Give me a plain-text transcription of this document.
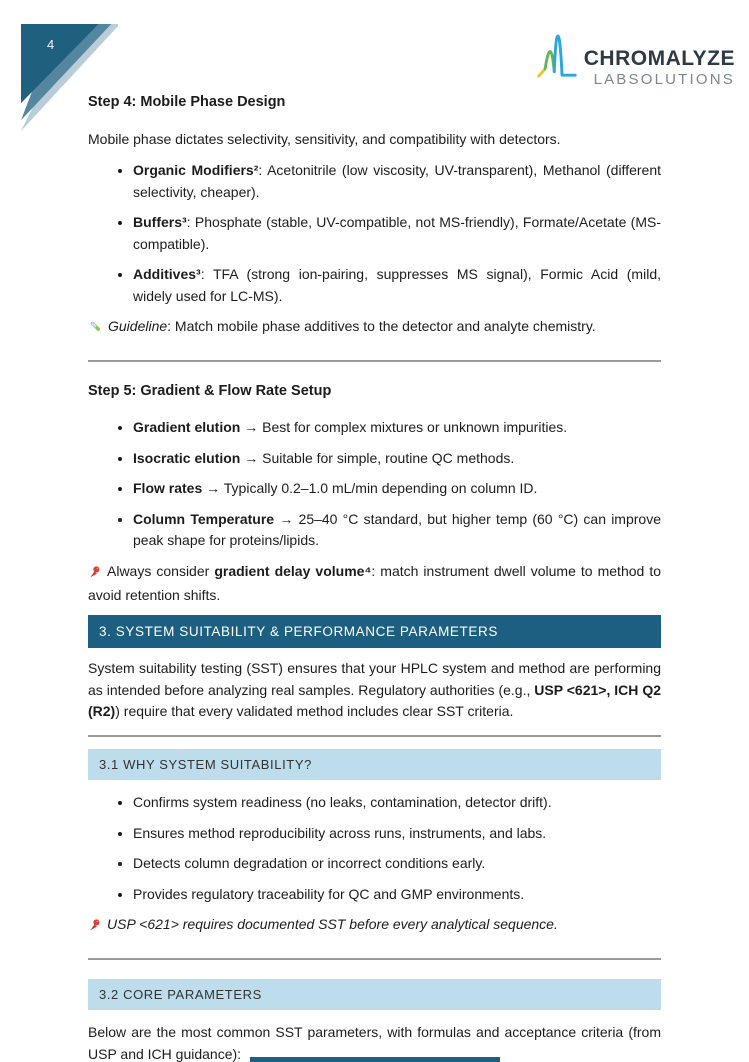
4
CHROMALYZE
LABSOLUTIONS

Step 4: Mobile Phase Design

Mobile phase dictates selectivity, sensitivity, and compatibility with detectors.

• Organic Modifiers²: Acetonitrile (low viscosity, UV-transparent), Methanol (different selectivity, cheaper).
• Buffers³: Phosphate (stable, UV-compatible, not MS-friendly), Formate/Acetate (MS-compatible).
• Additives³: TFA (strong ion-pairing, suppresses MS signal), Formic Acid (mild, widely used for LC-MS).

Guideline: Match mobile phase additives to the detector and analyte chemistry.

Step 5: Gradient & Flow Rate Setup

• Gradient elution → Best for complex mixtures or unknown impurities.
• Isocratic elution → Suitable for simple, routine QC methods.
• Flow rates → Typically 0.2–1.0 mL/min depending on column ID.
• Column Temperature → 25–40 °C standard, but higher temp (60 °C) can improve peak shape for proteins/lipids.

Always consider gradient delay volume⁴: match instrument dwell volume to method to avoid retention shifts.

3. SYSTEM SUITABILITY & PERFORMANCE PARAMETERS

System suitability testing (SST) ensures that your HPLC system and method are performing as intended before analyzing real samples. Regulatory authorities (e.g., USP <621>, ICH Q2 (R2)) require that every validated method includes clear SST criteria.

3.1 WHY SYSTEM SUITABILITY?
• Confirms system readiness (no leaks, contamination, detector drift).
• Ensures method reproducibility across runs, instruments, and labs.
• Detects column degradation or incorrect conditions early.
• Provides regulatory traceability for QC and GMP environments.

USP <621> requires documented SST before every analytical sequence.

3.2 CORE PARAMETERS

Below are the most common SST parameters, with formulas and acceptance criteria (from USP and ICH guidance):
